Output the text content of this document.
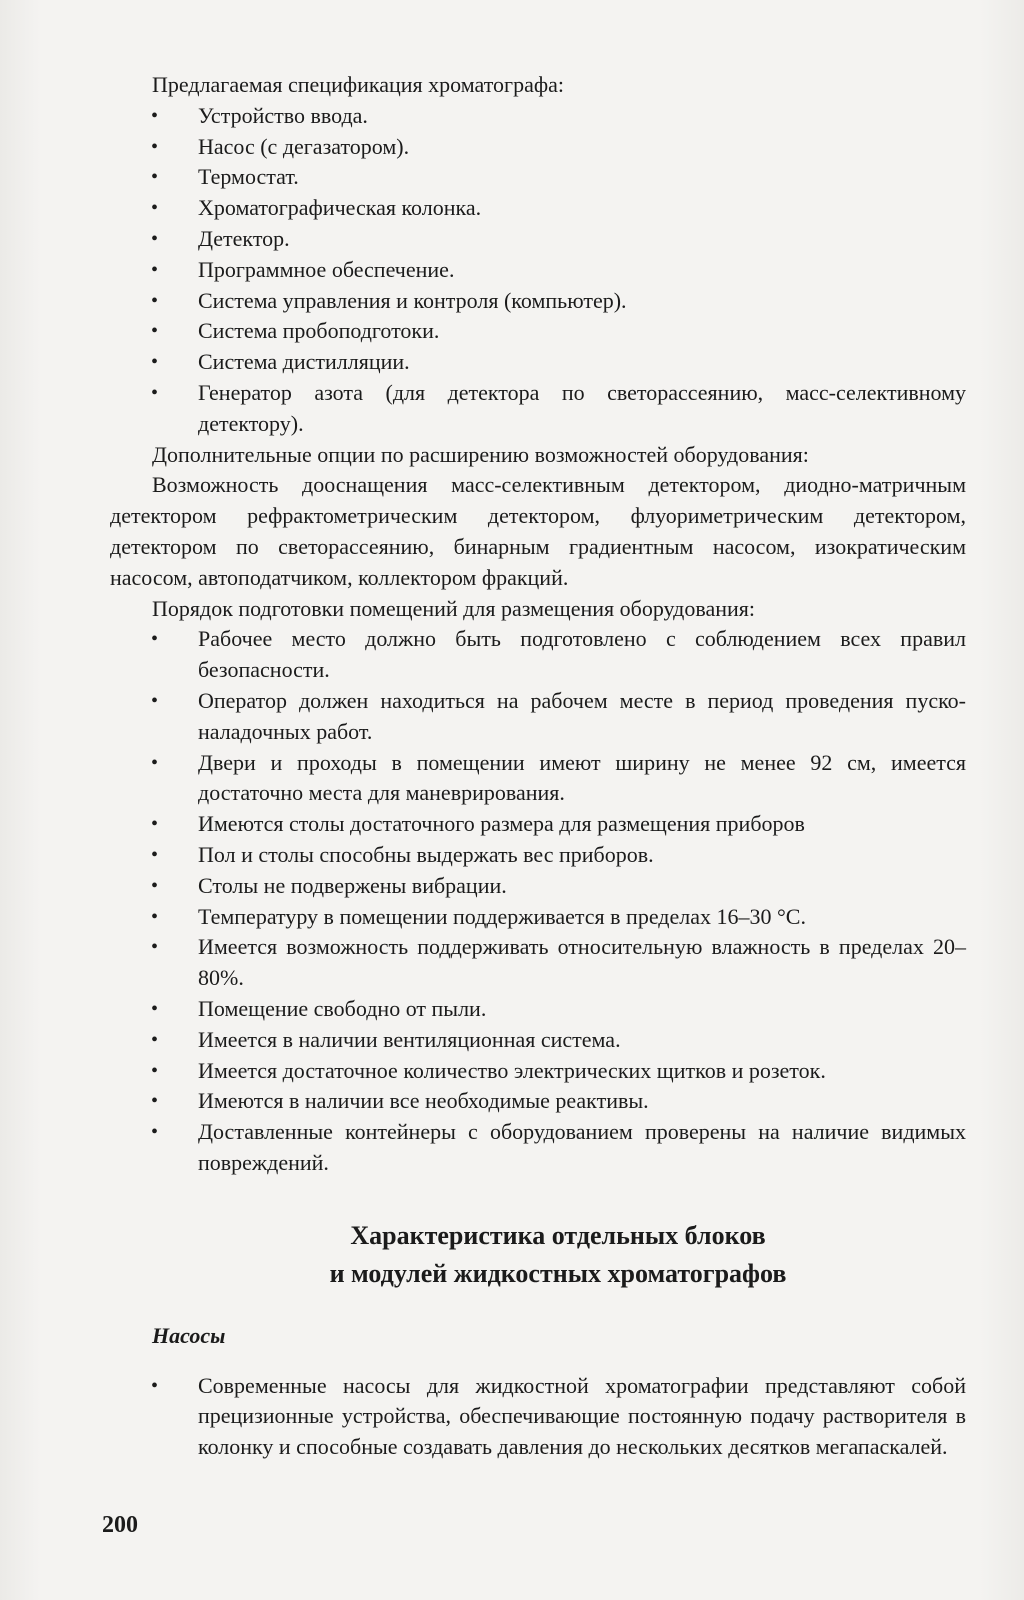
Предлагаемая спецификация хроматографа:

•	Устройство ввода.
•	Насос (с дегазатором).
•	Термостат.
•	Хроматографическая колонка.
•	Детектор.
•	Программное обеспечение.
•	Система управления и контроля (компьютер).
•	Система пробоподготоки.
•	Система дистилляции.
•	Генератор азота (для детектора по светорассеянию, масс-селективному детектору).

Дополнительные опции по расширению возможностей оборудования:

Возможность дооснащения масс-селективным детектором, диодно-матричным детектором рефрактометрическим детектором, флуориметрическим детектором, детектором по светорассеянию, бинарным градиентным насосом, изократическим насосом, автоподатчиком, коллектором фракций.

Порядок подготовки помещений для размещения оборудования:

•	Рабочее место должно быть подготовлено с соблюдением всех правил безопасности.
•	Оператор должен находиться на рабочем месте в период проведения пуско-наладочных работ.
•	Двери и проходы в помещении имеют ширину не менее 92 см, имеется достаточно места для маневрирования.
•	Имеются столы достаточного размера для размещения приборов
•	Пол и столы способны выдержать вес приборов.
•	Столы не подвержены вибрации.
•	Температуру в помещении поддерживается в пределах 16–30 °С.
•	Имеется возможность поддерживать относительную влажность в пределах 20–80%.
•	Помещение свободно от пыли.
•	Имеется в наличии вентиляционная система.
•	Имеется достаточное количество электрических щитков и розеток.
•	Имеются в наличии все необходимые реактивы.
•	Доставленные контейнеры с оборудованием проверены на наличие видимых повреждений.
Характеристика отдельных блоков
и модулей жидкостных хроматографов
Насосы
•	Современные насосы для жидкостной хроматографии представляют собой прецизионные устройства, обеспечивающие постоянную подачу растворителя в колонку и способные создавать давления до нескольких десятков мегапаскалей.
200
